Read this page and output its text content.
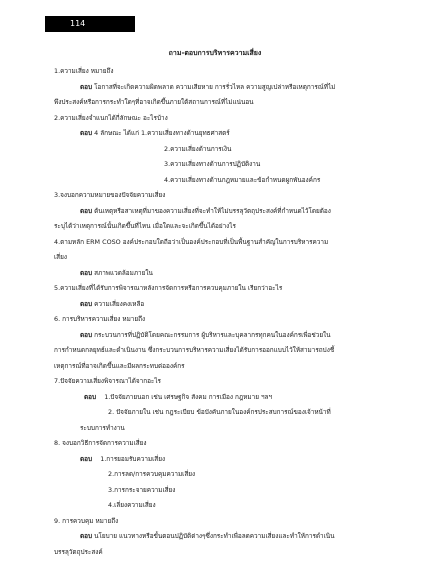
114
ถาม-ตอบการบริหารความเสี่ยง
1.ความเสี่ยง หมายถึง
ตอบ โอกาสที่จะเกิดความผิดพลาด ความเสียหาย การรั่วไหล ความสูญเปล่าหรือเหตุการณ์ที่ไม่
พึงประสงค์หรือการกระทำใดๆที่อาจเกิดขึ้นภายใต้สถานการณ์ที่ไม่แน่นอน
2.ความเสี่ยงจำแนกได้กี่ลักษณะ อะไรบ้าง
ตอบ 4 ลักษณะ ได้แก่ 1.ความเสี่ยงทางด้านยุทธศาสตร์
2.ความเสี่ยงด้านการเงิน
3.ความเสี่ยงทางด้านการปฏิบัติงาน
4.ความเสี่ยงทางด้านกฎหมายและข้อกำหนดผูกพันองค์กร
3.จงบอกความหมายของปัจจัยความเสี่ยง
ตอบ ต้นเหตุหรือสาเหตุที่มาของความเสี่ยงที่จะทำให้ไม่บรรลุวัตถุประสงค์ที่กำหนดไว้โดยต้อง
ระบุได้ว่าเหตุการณ์นั้นเกิดขึ้นที่ไหน เมื่อใดและจะเกิดขึ้นได้อย่างไร
4.ตามหลัก ERM COSO องค์ประกอบใดถือว่าเป็นองค์ประกอบที่เป็นพื้นฐานสำคัญในการบริหารความ
เสี่ยง
ตอบ สภาพแวดล้อมภายใน
5.ความเสี่ยงที่ได้รับการพิจารณาหลังการจัดการหรือการควบคุมภายใน เรียกว่าอะไร
ตอบ ความเสี่ยงคงเหลือ
6. การบริหารความเสี่ยง หมายถึง
ตอบ กระบวนการที่ปฏิบัติโดยคณะกรรมการ ผู้บริหารและบุคลากรทุกคนในองค์กรเพื่อช่วยใน
การกำหนดกลยุทธ์และดำเนินงาน ซึ่งกระบวนการบริหารความเสี่ยงได้รับการออกแบบไว้ให้สามารถบ่งชี้
เหตุการณ์ที่อาจเกิดขึ้นและมีผลกระทบต่อองค์กร
7.ปัจจัยความเสี่ยงพิจารณาได้จากอะไร
ตอบ 1.ปัจจัยภายนอก เช่น เศรษฐกิจ สังคม การเมือง กฎหมาย ฯลฯ
2. ปัจจัยภายใน เช่น กฎระเบียบ ข้อบังคับภายในองค์กรประสบการณ์ของเจ้าหน้าที่
ระบบการทำงาน
8. จงบอกวิธีการจัดการความเสี่ยง
ตอบ 1.การยอมรับความเสี่ยง
2.การลด/การควบคุมความเสี่ยง
3.การกระจายความเสี่ยง
4.เลี่ยงความเสี่ยง
9. การควบคุม หมายถึง
ตอบ นโยบาย แนวทางหรือขั้นตอนปฏิบัติต่างๆซึ่งกระทำเพื่อลดความเสี่ยงและทำให้การดำเนิน
บรรลุวัตถุประสงค์
